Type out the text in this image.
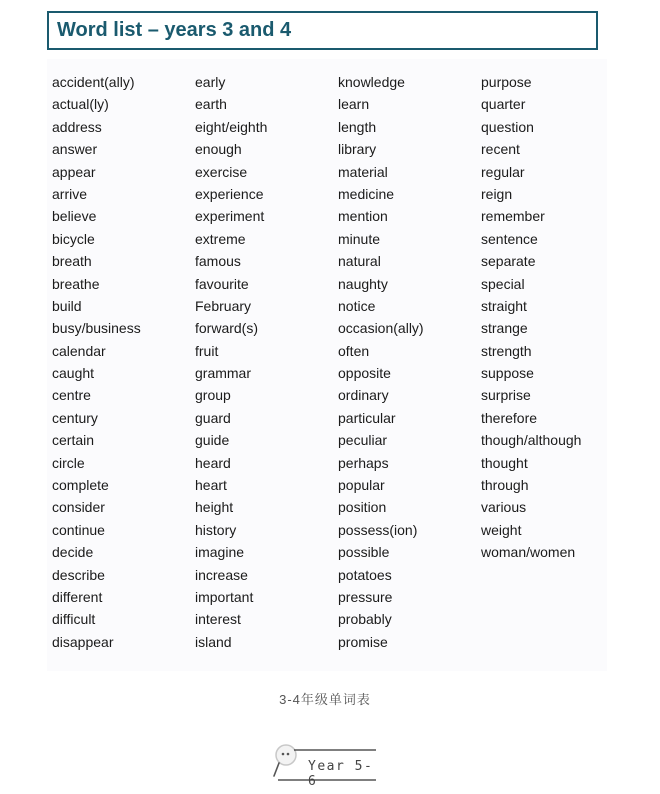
Word list – years 3 and 4
accident(ally)
actual(ly)
address
answer
appear
arrive
believe
bicycle
breath
breathe
build
busy/business
calendar
caught
centre
century
certain
circle
complete
consider
continue
decide
describe
different
difficult
disappear
early
earth
eight/eighth
enough
exercise
experience
experiment
extreme
famous
favourite
February
forward(s)
fruit
grammar
group
guard
guide
heard
heart
height
history
imagine
increase
important
interest
island
knowledge
learn
length
library
material
medicine
mention
minute
natural
naughty
notice
occasion(ally)
often
opposite
ordinary
particular
peculiar
perhaps
popular
position
possess(ion)
possible
potatoes
pressure
probably
promise
purpose
quarter
question
recent
regular
reign
remember
sentence
separate
special
straight
strange
strength
suppose
surprise
therefore
though/although
thought
through
various
weight
woman/women
3-4年级单词表
Year 5-6
